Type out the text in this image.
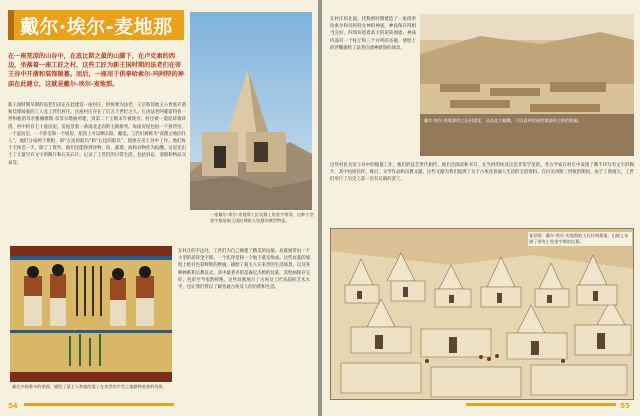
戴尔·埃尔-麦地那
在一座荒凉的山谷中，在底比斯之最的山脚下，在卢克索的西边，坐落着一座工匠之村，这些工匠为新王国时期的法老们在帝王谷中开凿和装饰陵墓。而后，一座用于供奉哈索尔-玛阿特的神庙在此建立，这就是戴尔-埃尔-麦地那。
新王国时期早期的法老们决定在此建造一座村庄，供将要为法老、王后和其他王公贵族开凿和装饰陵墓的工人及工匠们居住。这座村庄存在了近五个世纪之久。它由法老阿蒙霍特普一世和他的母亲雅赫摩斯·奈菲尔塔丽所建，到第二十王朝末年被废弃。村庄被一道泥砖墙环绕，村中约有七十座房屋，房屋沿着一条南北走向的主街排列。每座房屋包括一个接待室、一个起居室、一个卧室和一个厨房，屋顶上可以晒太阳、睡觉。工匠们被称为“真理之地的仆人”，他们分成两个班组，即“左边的船员”和“右边的船员”，轮流在帝王谷中工作。他们每十天休息一天，除了工资外，他们还能得到谷物、鱼、蔬菜、油和衣物作为报酬。这里还出土了大量写有文字的陶片和石灰石片，记录了工匠们的日常生活，包括诉讼、请假和物品交易等。
一座戴尔-埃尔-麦地那工匠坟墓上的金字塔顶，这种小型金字塔是新王国时期私人坟墓的典型特征。
森尼杰姆墓中的壁画，描绘了墓主人和他的妻子在来世的芦苇之地耕种收获的场景。
在村庄的不远处，工匠们为自己修建了精美的坟墓。坟墓通常由一个小型的泥砖金字塔、一个礼拜堂和一个地下墓室组成。这些坟墓的墙壁上绘有色彩鲜艳的壁画，描绘了墓主人在来世的生活场景，以及各种神祇和宗教仪式。其中最著名的是森尼杰姆的坟墓，其壁画保存完好，色彩至今依然鲜艳。这些坟墓展示了古埃及工匠高超的艺术水平，也让我们得以了解普通古埃及人的信仰和生活。
54
在村庄的北面，托勒密时期建造了一座供奉哈索尔和玛阿特女神的神庙。神庙保存得相当完好，四周环绕着高大的泥砖围墙。神庙内部有一个柱厅和三个并列的圣殿，墙壁上的浮雕描绘了法老向诸神献祭的场景。
戴尔-埃尔-麦地那的工匠村遗址，从西北方俯瞰，可以看到房屋的地基和主街的轮廓。
这些村民为帝王谷中的陵墓工作，他们的技艺世代相传。他们会阅读和书写，在当时的埃及这是非常罕见的。考古学家在村庄中发现了数千块写有文字的陶片，其中包括信件、账目、文学作品和宗教文献。这些文献为我们提供了关于古埃及普通人生活的宝贵资料。在拉美西斯三世统治期间，由于工资拖欠，工匠们举行了历史上第一次有记载的罢工。
复原图：戴尔-埃尔-麦地那的工匠村和墓地，山坡上布满了带有小型金字塔的坟墓。
55
